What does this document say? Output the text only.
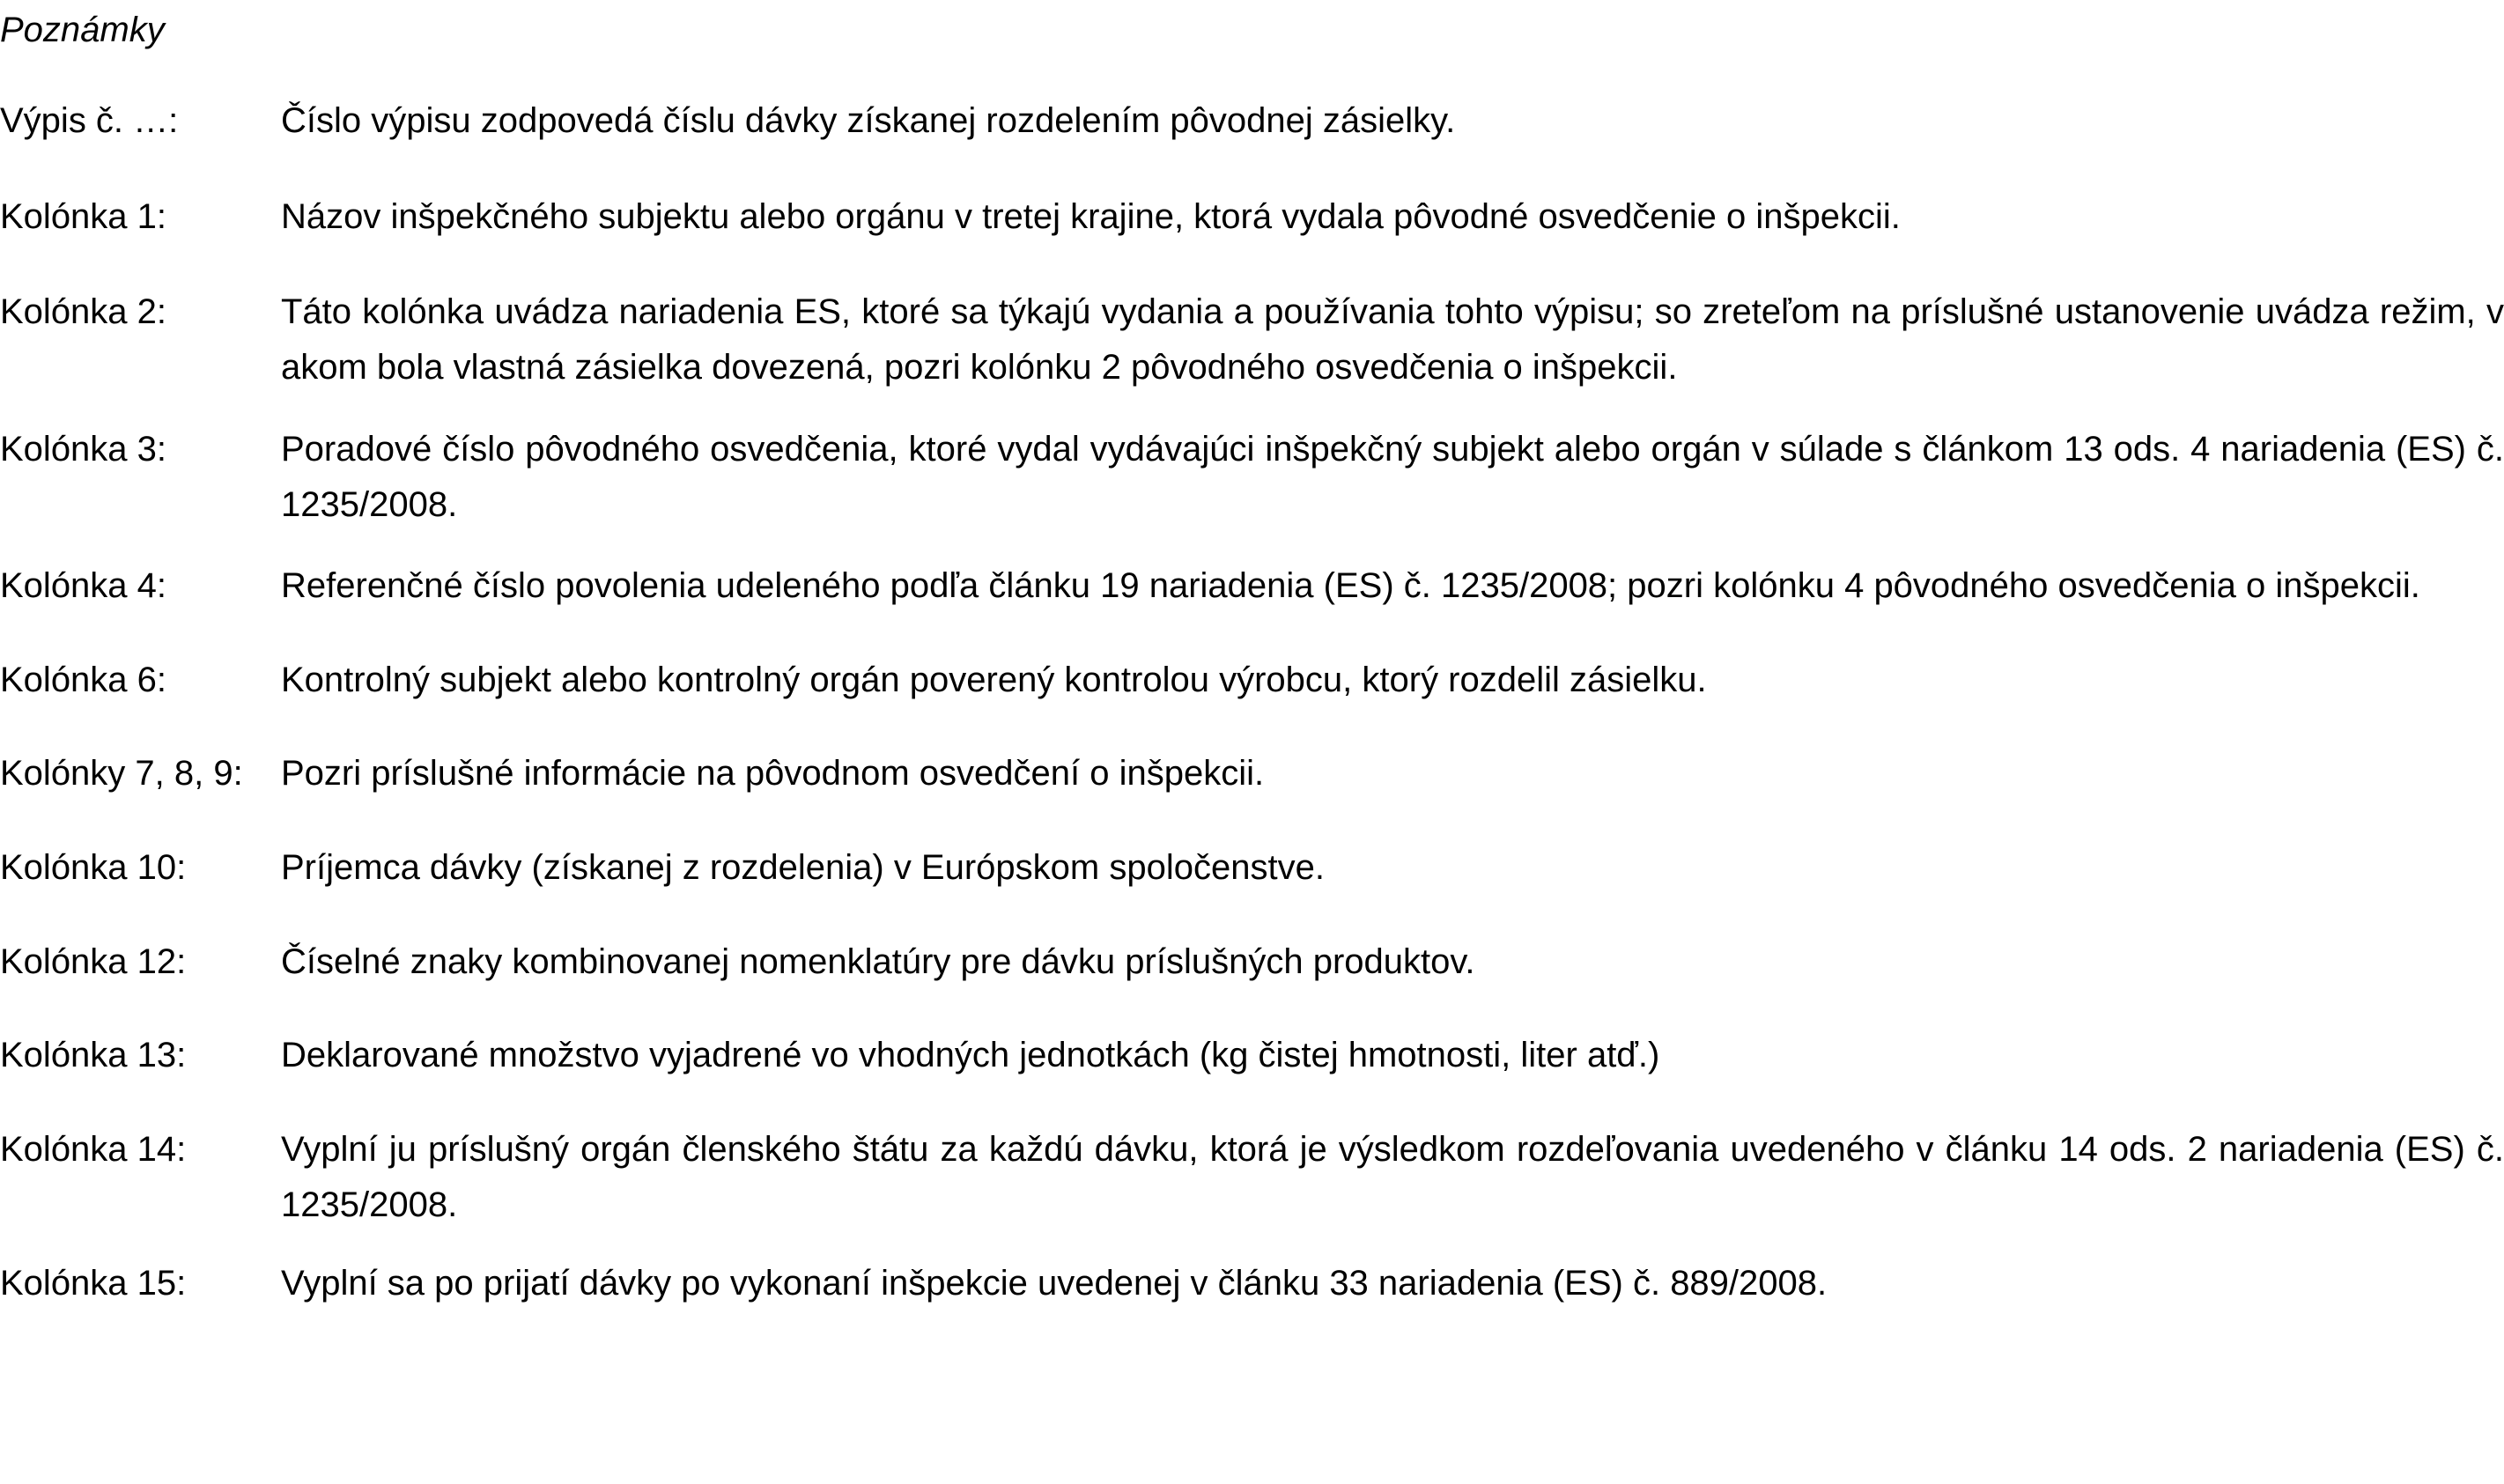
Poznámky
Výpis č. …:	Číslo výpisu zodpovedá číslu dávky získanej rozdelením pôvodnej zásielky.
Kolónka 1:	Názov inšpekčného subjektu alebo orgánu v tretej krajine, ktorá vydala pôvodné osvedčenie o inšpekcii.
Kolónka 2:	Táto kolónka uvádza nariadenia ES, ktoré sa týkajú vydania a používania tohto výpisu; so zreteľom na príslušné ustanovenie uvádza režim, v akom bola vlastná zásielka dovezená, pozri kolónku 2 pôvodného osvedčenia o inšpekcii.
Kolónka 3:	Poradové číslo pôvodného osvedčenia, ktoré vydal vydávajúci inšpekčný subjekt alebo orgán v súlade s článkom 13 ods. 4 nariadenia (ES) č. 1235/2008.
Kolónka 4:	Referenčné číslo povolenia udeleného podľa článku 19 nariadenia (ES) č. 1235/2008; pozri kolónku 4 pôvodného osvedčenia o inšpekcii.
Kolónka 6:	Kontrolný subjekt alebo kontrolný orgán poverený kontrolou výrobcu, ktorý rozdelil zásielku.
Kolónky 7, 8, 9:	Pozri príslušné informácie na pôvodnom osvedčení o inšpekcii.
Kolónka 10:	Príjemca dávky (získanej z rozdelenia) v Európskom spoločenstve.
Kolónka 12:	Číselné znaky kombinovanej nomenklatúry pre dávku príslušných produktov.
Kolónka 13:	Deklarované množstvo vyjadrené vo vhodných jednotkách (kg čistej hmotnosti, liter atď.)
Kolónka 14:	Vyplní ju príslušný orgán členského štátu za každú dávku, ktorá je výsledkom rozdeľovania uvedeného v článku 14 ods. 2 nariadenia (ES) č. 1235/2008.
Kolónka 15:	Vyplní sa po prijatí dávky po vykonaní inšpekcie uvedenej v článku 33 nariadenia (ES) č. 889/2008.
